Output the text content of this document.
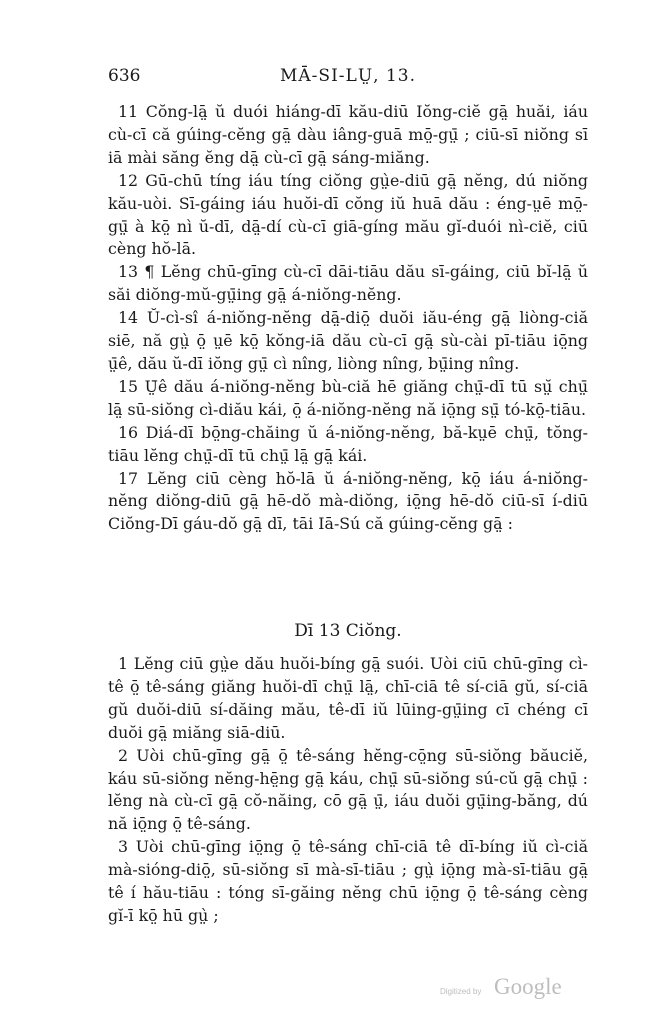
636	MĀ-SI-LṲ, 13.

11 Cŏng-lā̤ ŭ duói hiáng-dī kău-diū Iŏng-ciĕ gā̤ huăi, iáu cù-cī că gúing-cĕng gā̤ dàu iâng-guā mō̤-gṳ̄ ; ciū-sī niŏng sī iā mài săng ĕng dā̤ cù-cī gā̤ sáng-miăng.

12 Gū-chū tíng iáu tíng ciŏng gṳ̀e-diū gā̤ nĕng, dú niŏng kău-uòi. Sī-gáing iáu huŏi-dī cŏng iŭ huā dău : éng-ṳē mō̤-gṳ̄ à kō̤ nì ŭ-dī, dā̤-dí cù-cī giā-gíng mău gĭ-duói nì-ciĕ, ciū cèng hŏ-lā.

13 ¶ Lĕng chū-gīng cù-cī dāi-tiāu dău sī-gáing, ciū bĭ-lā̤ ŭ săi diŏng-mŭ-gṳ̄ing gā̤ á-niŏng-nĕng.

14 Ŭ-cì-sî á-niŏng-nĕng dā̤-diō̤ duŏi iău-éng gā̤ liòng-ciă siē, nă gṳ̀ ō̤ ṳē kō̤ kŏng-iā dău cù-cī gā̤ sù-cài pī-tiāu iō̤ng ṳ̄ê, dău ŭ-dī iŏng gṳ̄ cì nîng, liòng nîng, bṳ̄ing nîng.

15 Ṳ̄ê dău á-niŏng-nĕng bù-ciă hē giăng chṳ̄-dī tū sṳ̆ chṳ̄ lā̤ sū-siŏng cì-diău kái, ō̤ á-niŏng-nĕng nă iō̤ng sṳ̄ tó-kō̤-tiāu.

16 Diá-dī bō̤ng-chăing ŭ á-niŏng-nĕng, bă-kṳē chṳ̄, tŏng-tiāu lĕng chṳ̄-dī tū chṳ̄ lā̤ gā̤ kái.

17 Lĕng ciū cèng hŏ-lā ŭ á-niŏng-nĕng, kō̤ iáu á-niŏng-nĕng diŏng-diū gā̤ hē-dŏ mà-diŏng, iō̤ng hē-dŏ ciū-sī í-diū Ciŏng-Dī gáu-dŏ gā̤ dī, tāi Iā-Sú că gúing-cĕng gā̤ :

Dī 13 Ciŏng.

1 Lĕng ciū gṳ̀e dău huŏi-bíng gā̤ suói. Uòi ciū chū-gīng cì-tê ō̤ tê-sáng giăng huŏi-dī chṳ̄ lā̤, chī-ciā tê sí-ciā gŭ, sí-ciā gŭ duŏi-diū sí-dăing mău, tê-dī iŭ lūing-gṳ̄ing cī chéng cī duŏi gā̤ miăng siā-diū.

2 Uòi chū-gīng gā̤ ō̤ tê-sáng hĕng-cō̤ng sū-siŏng băuciĕ, káu sū-siŏng nĕng-hē̤ng gā̤ káu, chṳ̄ sū-siŏng sú-cŭ gā̤ chṳ̄ : lĕng nà cù-cī gā̤ cŏ-năing, cō gā̤ ṳ̄, iáu duŏi gṳ̄ing-băng, dú nă iō̤ng ō̤ tê-sáng.

3 Uòi chū-gīng iō̤ng ō̤ tê-sáng chī-ciā tê dī-bíng iŭ cì-ciă mà-sióng-diō̤, sū-siŏng sī mà-sī-tiāu ; gṳ̀ iō̤ng mà-sī-tiāu gā̤ tê í hău-tiāu : tóng sī-găing nĕng chū iō̤ng ō̤ tê-sáng cèng gĭ-ī kō̤ hū gṳ̀ ;

Digitized by Google
